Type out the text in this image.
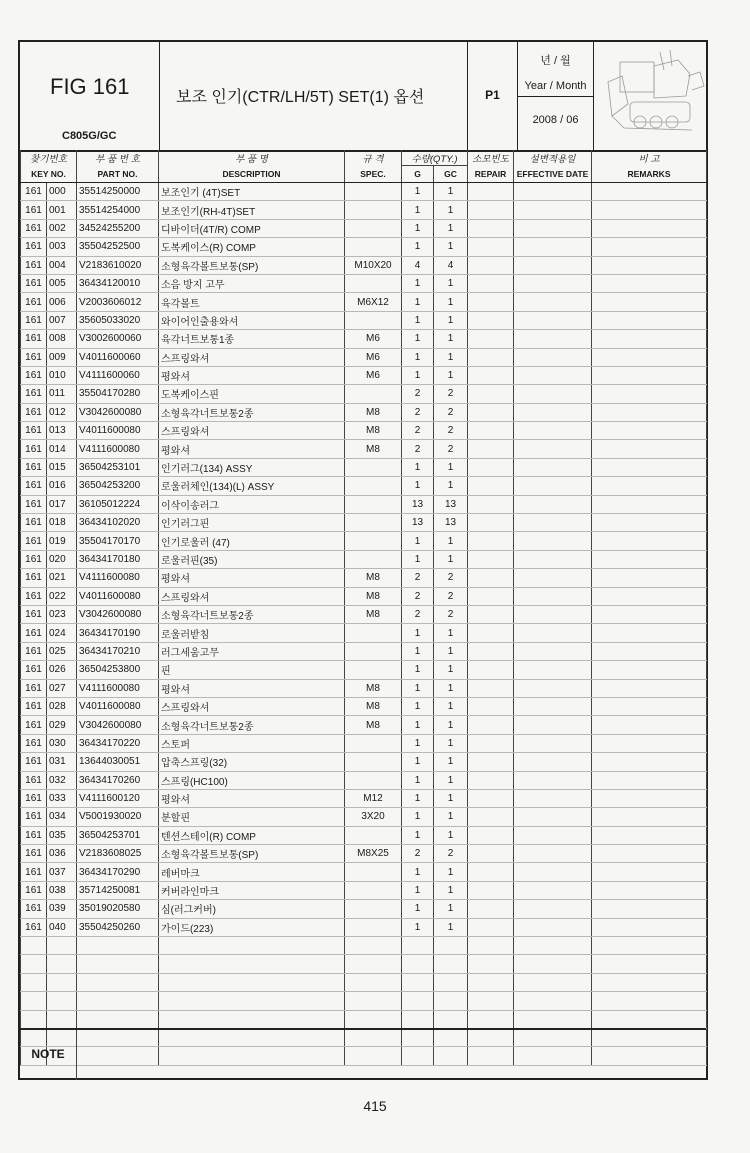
FIG 161
C805G/GC
보조 인기(CTR/LH/5T) SET(1) 옵션	P1
년 / 월
Year / Month
2008 / 06
찾기번호		부 품 번 호	부 품 명	규 격	수량(QTY.)		소모빈도	설변적용일	비 고
KEY NO.		PART NO.	DESCRIPTION	SPEC.	G	GC	REPAIR	EFFECTIVE DATE	REMARKS
161	000	35514250000	보조인기 (4T)SET		1	1			
161	001	35514254000	보조인기(RH-4T)SET		1	1			
161	002	34524255200	디바이더(4T/R) COMP		1	1			
161	003	35504252500	도복케이스(R) COMP		1	1			
161	004	V2183610020	소형육각볼트보통(SP)	M10X20	4	4			
161	005	36434120010	소음 방지 고무		1	1			
161	006	V2003606012	육각볼트	M6X12	1	1			
161	007	35605033020	와이어인출용와셔		1	1			
161	008	V3002600060	육각너트보통1종	M6	1	1			
161	009	V4011600060	스프링와셔	M6	1	1			
161	010	V4111600060	평와셔	M6	1	1			
161	011	35504170280	도복케이스핀		2	2			
161	012	V3042600080	소형육각너트보통2종	M8	2	2			
161	013	V4011600080	스프링와셔	M8	2	2			
161	014	V4111600080	평와셔	M8	2	2			
161	015	36504253101	인기러그(134) ASSY		1	1			
161	016	36504253200	로울러체인(134)(L) ASSY		1	1			
161	017	36105012224	이삭이송러그		13	13			
161	018	36434102020	인기러그핀		13	13			
161	019	35504170170	인기로울러 (47)		1	1			
161	020	36434170180	로울러핀(35)		1	1			
161	021	V4111600080	평와셔	M8	2	2			
161	022	V4011600080	스프링와셔	M8	2	2			
161	023	V3042600080	소형육각너트보통2종	M8	2	2			
161	024	36434170190	로울러받침		1	1			
161	025	36434170210	러그세움고무		1	1			
161	026	36504253800	핀		1	1			
161	027	V4111600080	평와셔	M8	1	1			
161	028	V4011600080	스프링와셔	M8	1	1			
161	029	V3042600080	소형육각너트보통2종	M8	1	1			
161	030	36434170220	스토퍼		1	1			
161	031	13644030051	압축스프링(32)		1	1			
161	032	36434170260	스프링(HC100)		1	1			
161	033	V4111600120	평와셔	M12	1	1			
161	034	V5001930020	분할핀	3X20	1	1			
161	035	36504253701	텐션스테이(R) COMP		1	1			
161	036	V2183608025	소형육각볼트보통(SP)	M8X25	2	2			
161	037	36434170290	레버마크		1	1			
161	038	35714250081	커버라인마크		1	1			
161	039	35019020580	심(러그커버)		1	1			
161	040	35504250260	가이드(223)		1	1			

NOTE
415
